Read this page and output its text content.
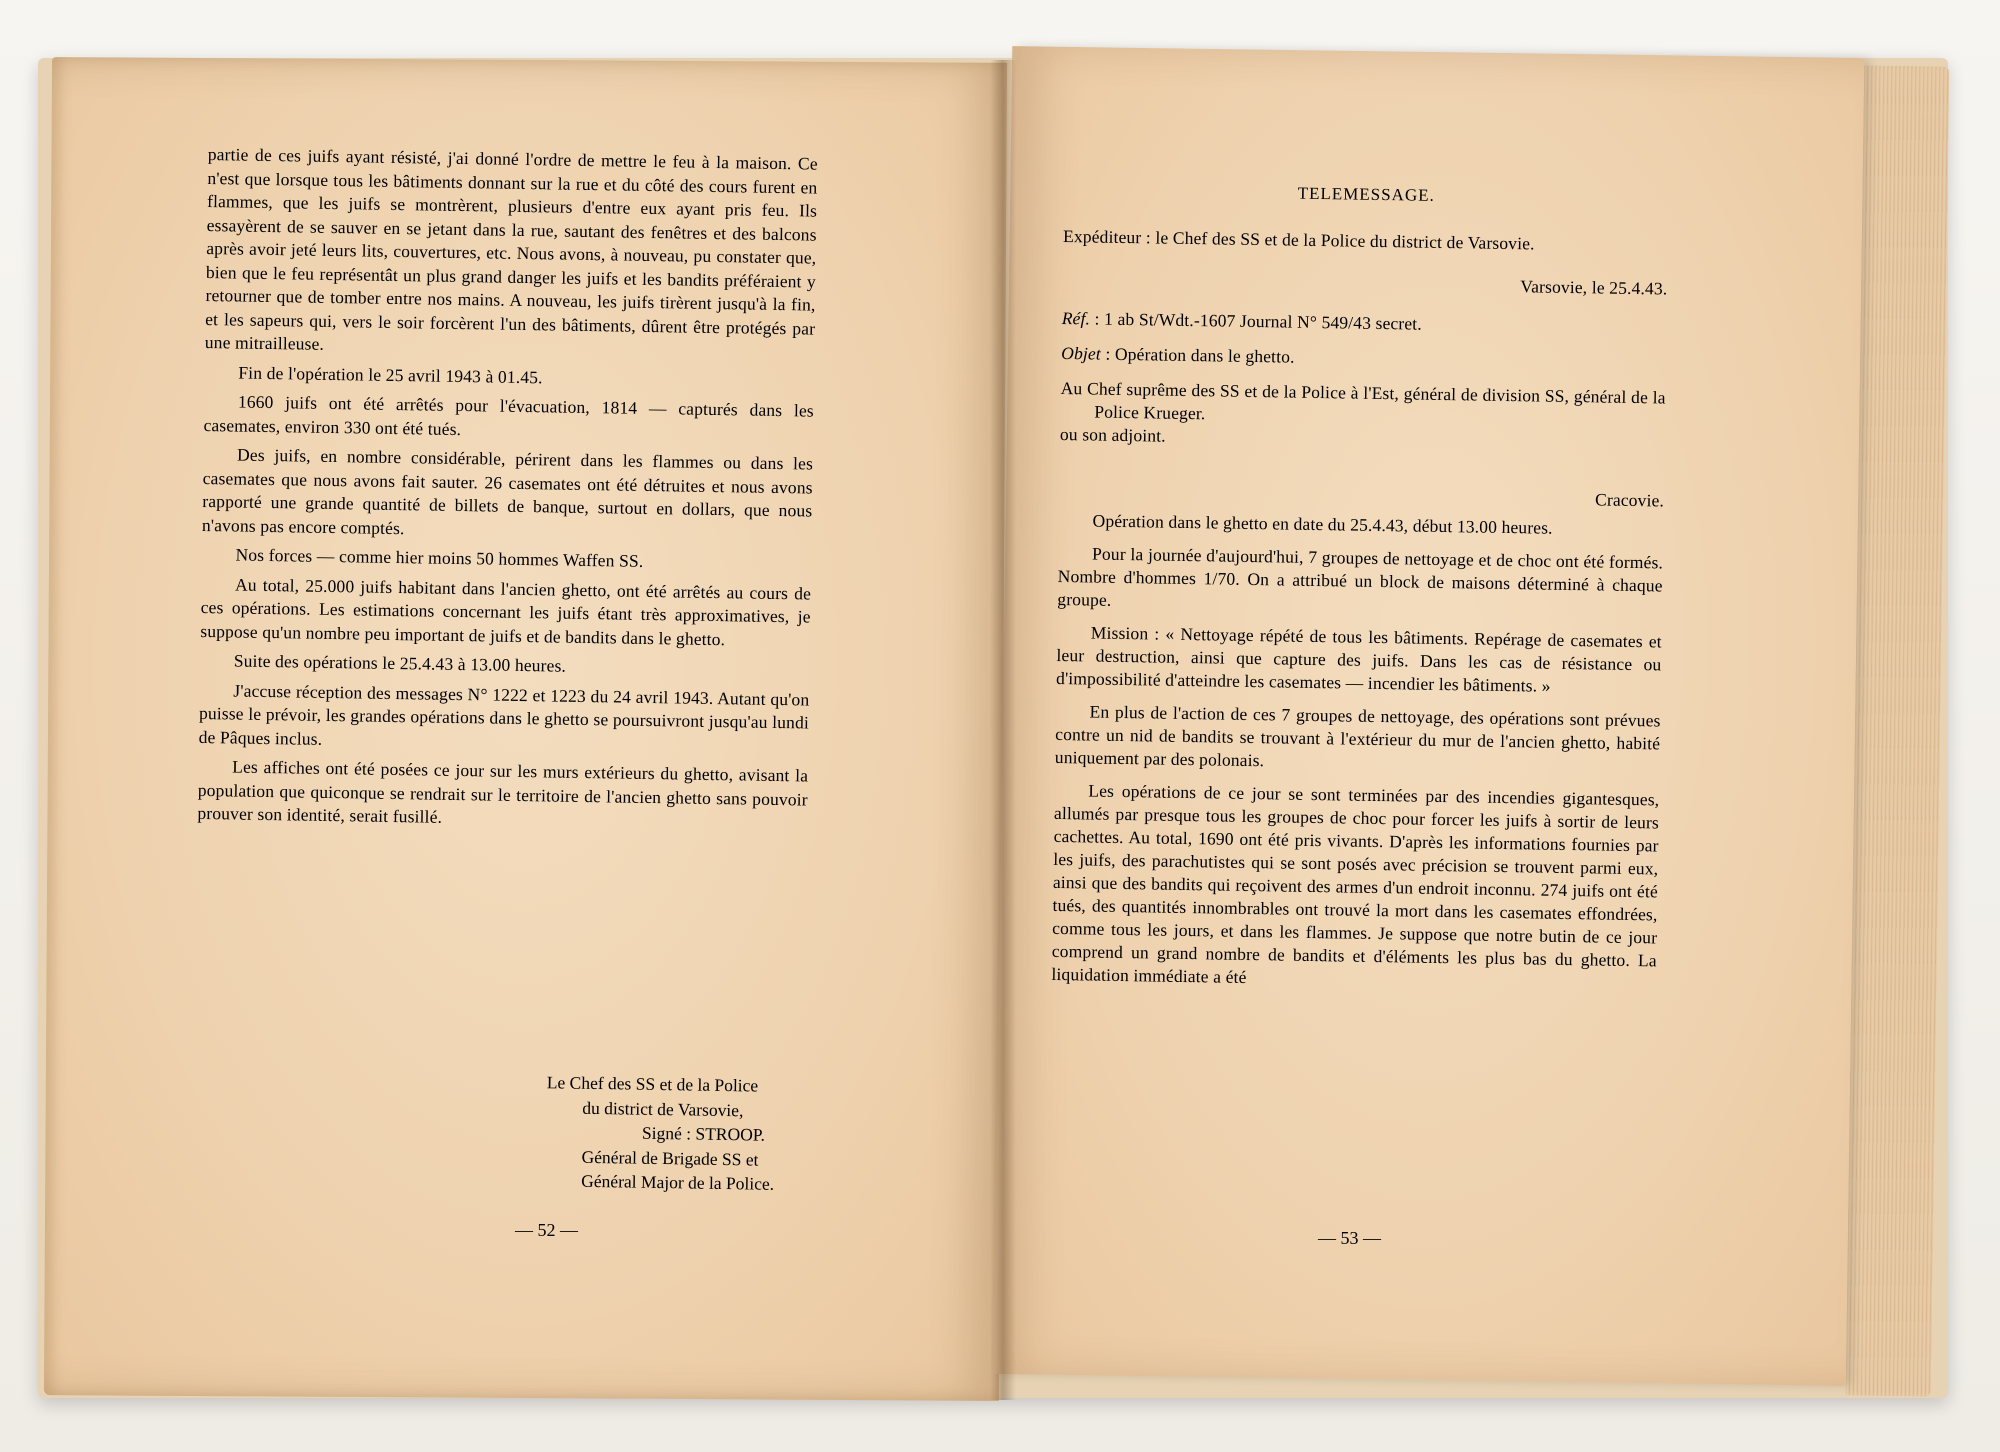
partie de ces juifs ayant résisté, j'ai donné l'ordre de mettre le feu à la maison. Ce n'est que lorsque tous les bâtiments donnant sur la rue et du côté des cours furent en flammes, que les juifs se montrèrent, plusieurs d'entre eux ayant pris feu. Ils essayèrent de se sauver en se jetant dans la rue, sautant des fenêtres et des balcons après avoir jeté leurs lits, couvertures, etc. Nous avons, à nouveau, pu constater que, bien que le feu représentât un plus grand danger les juifs et les bandits préféraient y retourner que de tomber entre nos mains. A nouveau, les juifs tirèrent jusqu'à la fin, et les sapeurs qui, vers le soir forcèrent l'un des bâtiments, dûrent être protégés par une mitrailleuse.

Fin de l'opération le 25 avril 1943 à 01.45.

1660 juifs ont été arrêtés pour l'évacuation, 1814 — capturés dans les casemates, environ 330 ont été tués.

Des juifs, en nombre considérable, périrent dans les flammes ou dans les casemates que nous avons fait sauter. 26 casemates ont été détruites et nous avons rapporté une grande quantité de billets de banque, surtout en dollars, que nous n'avons pas encore comptés.

Nos forces — comme hier moins 50 hommes Waffen SS.

Au total, 25.000 juifs habitant dans l'ancien ghetto, ont été arrêtés au cours de ces opérations. Les estimations concernant les juifs étant très approximatives, je suppose qu'un nombre peu important de juifs et de bandits dans le ghetto.

Suite des opérations le 25.4.43 à 13.00 heures.

J'accuse réception des messages N° 1222 et 1223 du 24 avril 1943. Autant qu'on puisse le prévoir, les grandes opérations dans le ghetto se poursuivront jusqu'au lundi de Pâques inclus.

Les affiches ont été posées ce jour sur les murs extérieurs du ghetto, avisant la population que quiconque se rendrait sur le territoire de l'ancien ghetto sans pouvoir prouver son identité, serait fusillé.

Le Chef des SS et de la Police
du district de Varsovie,
Signé : STROOP.
Général de Brigade SS et
Général Major de la Police.
— 52 —
TELEMESSAGE.
Expéditeur : le Chef des SS et de la Police du district de Varsovie.
Varsovie, le 25.4.43.
Réf. : 1 ab St/Wdt.-1607 Journal N° 549/43 secret.
Objet : Opération dans le ghetto.
Au Chef suprême des SS et de la Police à l'Est, général de division SS, général de la Police Krueger.
ou son adjoint.
Cracovie.

Opération dans le ghetto en date du 25.4.43, début 13.00 heures.

Pour la journée d'aujourd'hui, 7 groupes de nettoyage et de choc ont été formés. Nombre d'hommes 1/70. On a attribué un block de maisons déterminé à chaque groupe.

Mission : « Nettoyage répété de tous les bâtiments. Repérage de casemates et leur destruction, ainsi que capture des juifs. Dans les cas de résistance ou d'impossibilité d'atteindre les casemates — incendier les bâtiments. »

En plus de l'action de ces 7 groupes de nettoyage, des opérations sont prévues contre un nid de bandits se trouvant à l'extérieur du mur de l'ancien ghetto, habité uniquement par des polonais.

Les opérations de ce jour se sont terminées par des incendies gigantesques, allumés par presque tous les groupes de choc pour forcer les juifs à sortir de leurs cachettes. Au total, 1690 ont été pris vivants. D'après les informations fournies par les juifs, des parachutistes qui se sont posés avec précision se trouvent parmi eux, ainsi que des bandits qui reçoivent des armes d'un endroit inconnu. 274 juifs ont été tués, des quantités innombrables ont trouvé la mort dans les casemates effondrées, comme tous les jours, et dans les flammes. Je suppose que notre butin de ce jour comprend un grand nombre de bandits et d'éléments les plus bas du ghetto. La liquidation immédiate a été

— 53 —
